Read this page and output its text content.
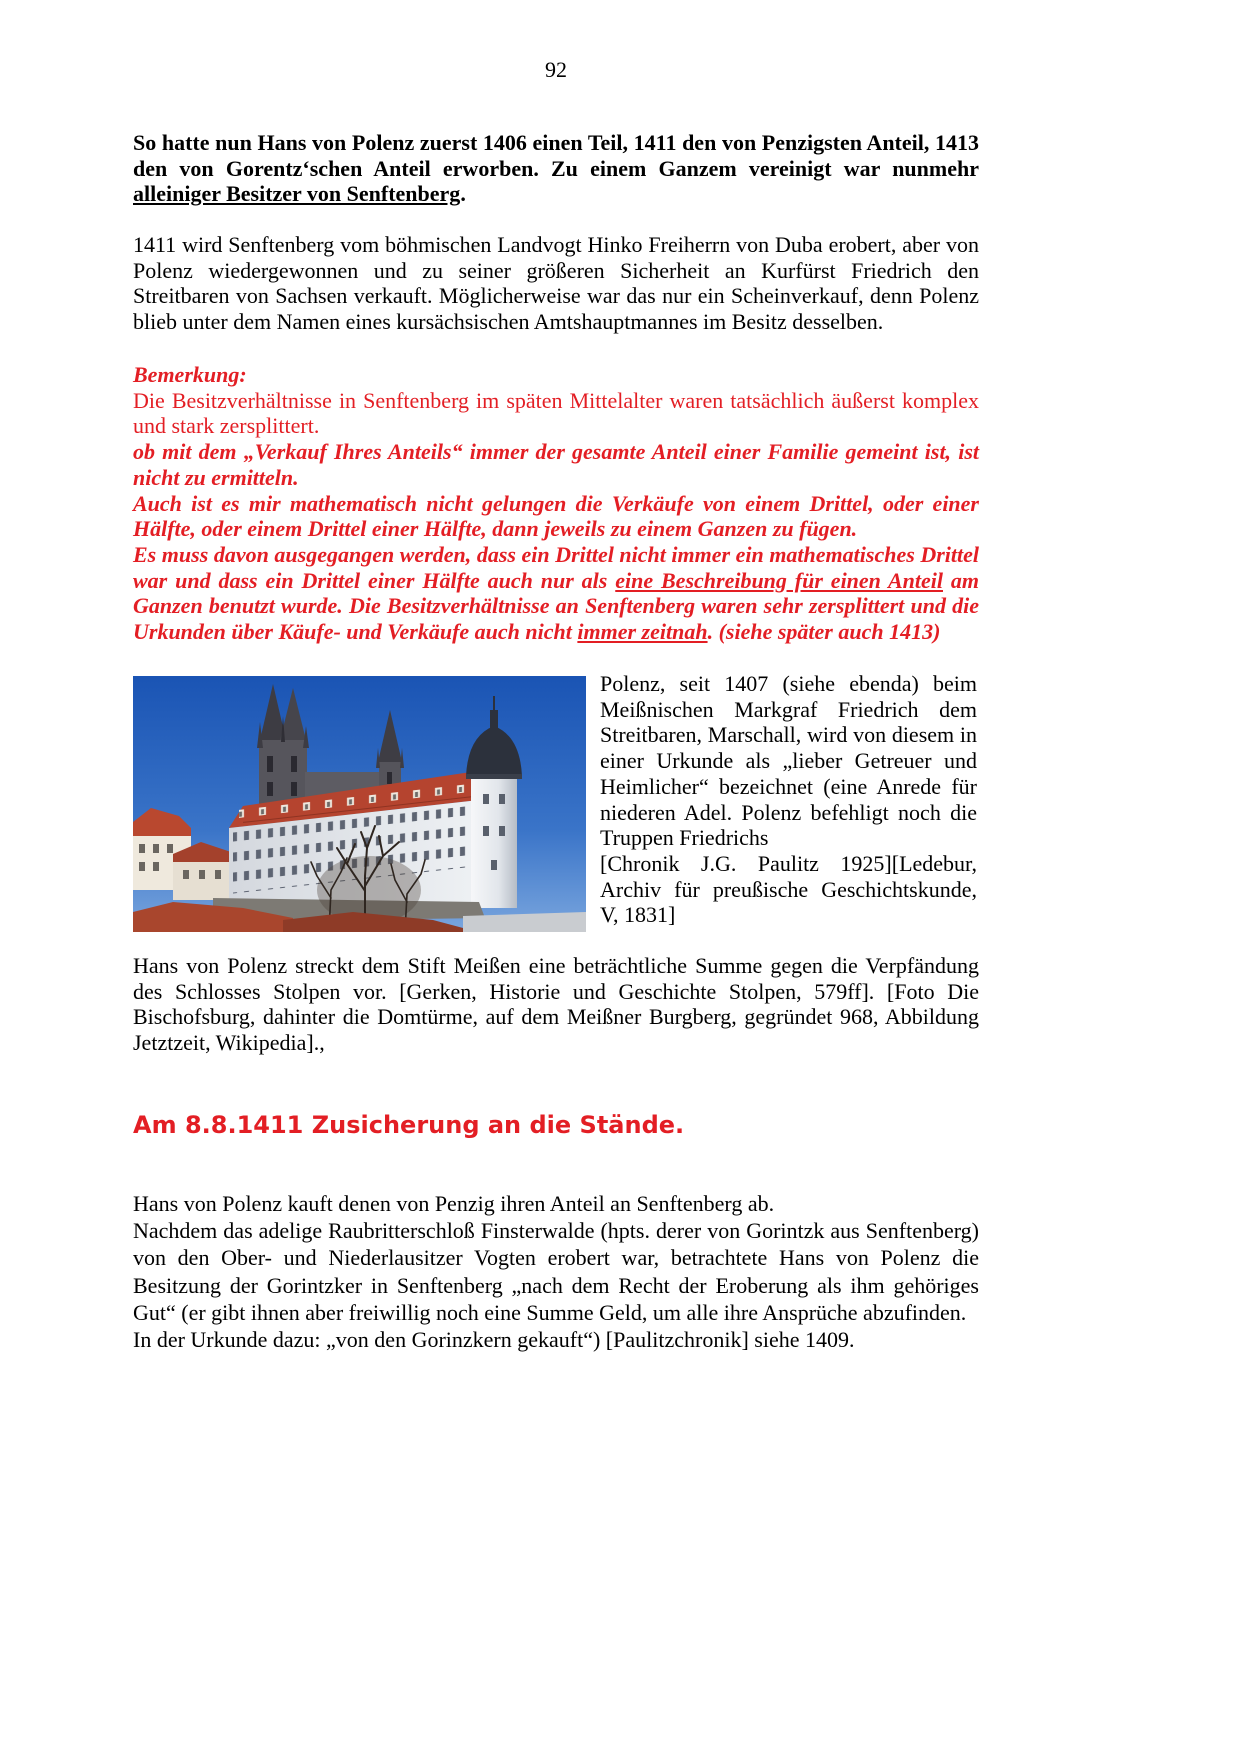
92
So hatte nun Hans von Polenz zuerst 1406 einen Teil, 1411 den von Penzigsten Anteil, 1413 den von Gorentz‘schen Anteil erworben. Zu einem Ganzem vereinigt war nunmehr alleiniger Besitzer von Senftenberg.
1411 wird Senftenberg vom böhmischen Landvogt Hinko Freiherrn von Duba erobert, aber von Polenz wiedergewonnen und zu seiner größeren Sicherheit an Kurfürst Friedrich den Streitbaren von Sachsen verkauft. Möglicherweise war das nur ein Scheinverkauf, denn Polenz blieb unter dem Namen eines kursächsischen Amtshauptmannes im Besitz desselben.
Bemerkung:
Die Besitzverhältnisse in Senftenberg im späten Mittelalter waren tatsächlich äußerst komplex und stark zersplittert.
ob mit dem „Verkauf Ihres Anteils“ immer der gesamte Anteil einer Familie gemeint ist, ist nicht zu ermitteln.
Auch ist es mir mathematisch nicht gelungen die Verkäufe von einem Drittel, oder einer Hälfte, oder einem Drittel einer Hälfte, dann jeweils zu einem Ganzen zu fügen.
Es muss davon ausgegangen werden, dass ein Drittel nicht immer ein mathematisches Drittel war und dass ein Drittel einer Hälfte auch nur als eine Beschreibung für einen Anteil am Ganzen benutzt wurde. Die Besitzverhältnisse an Senftenberg waren sehr zersplittert und die Urkunden über Käufe- und Verkäufe auch nicht immer zeitnah. (siehe später auch 1413)
Polenz, seit 1407 (siehe ebenda) beim Meißnischen Markgraf Friedrich dem Streitbaren, Marschall, wird von diesem in einer Urkunde als „lieber Getreuer und Heimlicher“ bezeichnet (eine Anrede für niederen Adel. Polenz befehligt noch die Truppen Friedrichs
[Chronik J.G. Paulitz 1925][Ledebur, Archiv für preußische Geschichtskunde, V, 1831]
Hans von Polenz streckt dem Stift Meißen eine beträchtliche Summe gegen die Verpfändung des Schlosses Stolpen vor. [Gerken, Historie und Geschichte Stolpen, 579ff]. [Foto Die Bischofsburg, dahinter die Domtürme, auf dem Meißner Burgberg, gegründet 968, Abbildung Jetztzeit, Wikipedia].,
Am 8.8.1411 Zusicherung an die Stände.
Hans von Polenz kauft denen von Penzig ihren Anteil an Senftenberg ab.
Nachdem das adelige Raubritterschloß Finsterwalde (hpts. derer von Gorintzk aus Senftenberg) von den Ober- und Niederlausitzer Vogten erobert war, betrachtete Hans von Polenz die Besitzung der Gorintzker in Senftenberg „nach dem Recht der Eroberung als ihm gehöriges Gut“ (er gibt ihnen aber freiwillig noch eine Summe Geld, um alle ihre Ansprüche abzufinden.
In der Urkunde dazu: „von den Gorinzkern gekauft“) [Paulitzchronik] siehe 1409.
